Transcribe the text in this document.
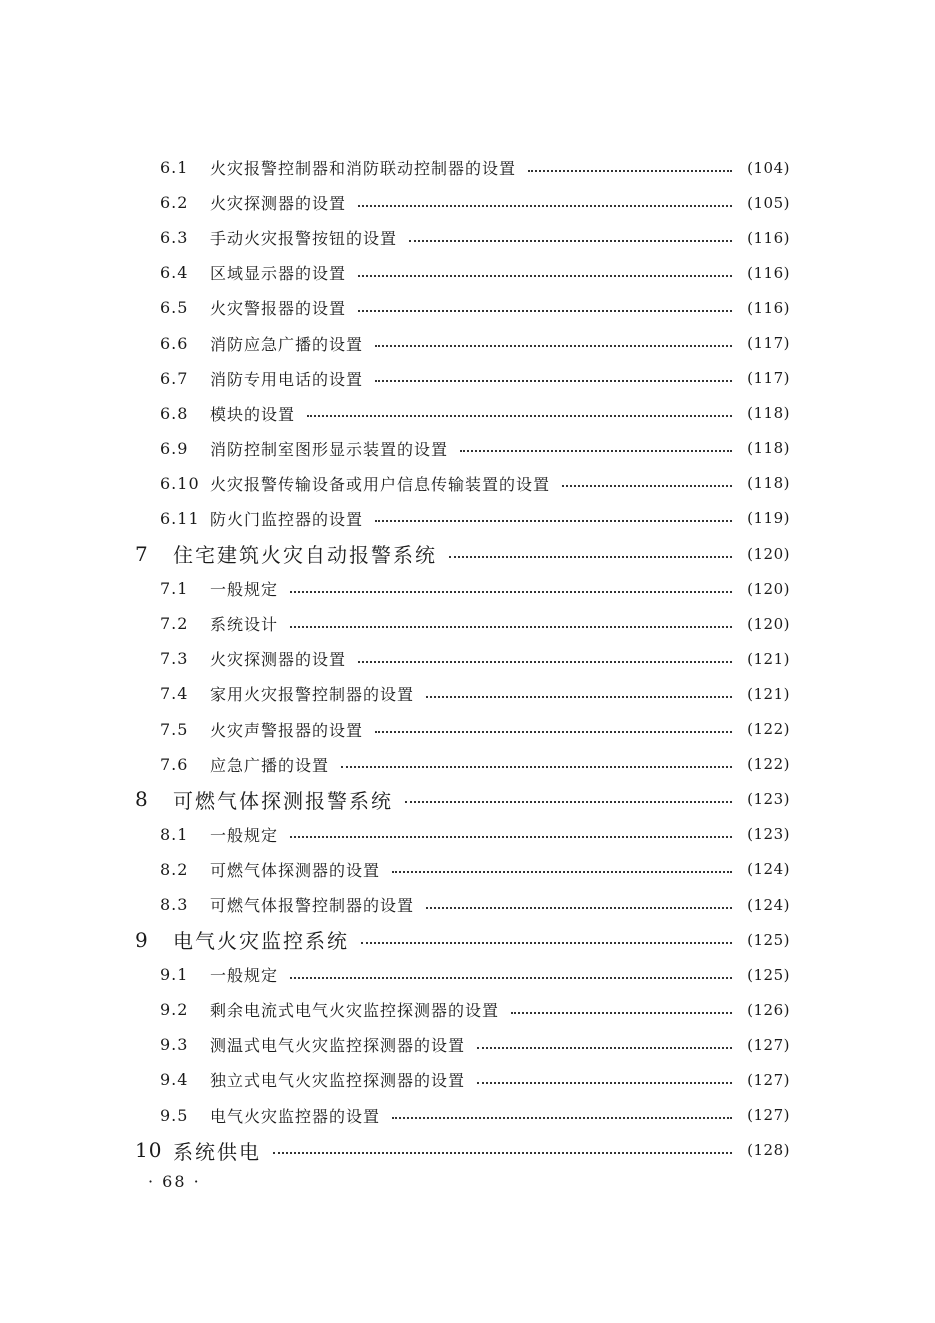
6.1	火灾报警控制器和消防联动控制器的设置	(104)
6.2	火灾探测器的设置	(105)
6.3	手动火灾报警按钮的设置	(116)
6.4	区域显示器的设置	(116)
6.5	火灾警报器的设置	(116)
6.6	消防应急广播的设置	(117)
6.7	消防专用电话的设置	(117)
6.8	模块的设置	(118)
6.9	消防控制室图形显示装置的设置	(118)
6.10 火灾报警传输设备或用户信息传输装置的设置	(118)
6.11 防火门监控器的设置	(119)
7	住宅建筑火灾自动报警系统	(120)
7.1	一般规定	(120)
7.2	系统设计	(120)
7.3	火灾探测器的设置	(121)
7.4	家用火灾报警控制器的设置	(121)
7.5	火灾声警报器的设置	(122)
7.6	应急广播的设置	(122)
8	可燃气体探测报警系统	(123)
8.1	一般规定	(123)
8.2	可燃气体探测器的设置	(124)
8.3	可燃气体报警控制器的设置	(124)
9	电气火灾监控系统	(125)
9.1	一般规定	(125)
9.2	剩余电流式电气火灾监控探测器的设置	(126)
9.3	测温式电气火灾监控探测器的设置	(127)
9.4	独立式电气火灾监控探测器的设置	(127)
9.5	电气火灾监控器的设置	(127)
10 系统供电	(128)
· 68 ·
